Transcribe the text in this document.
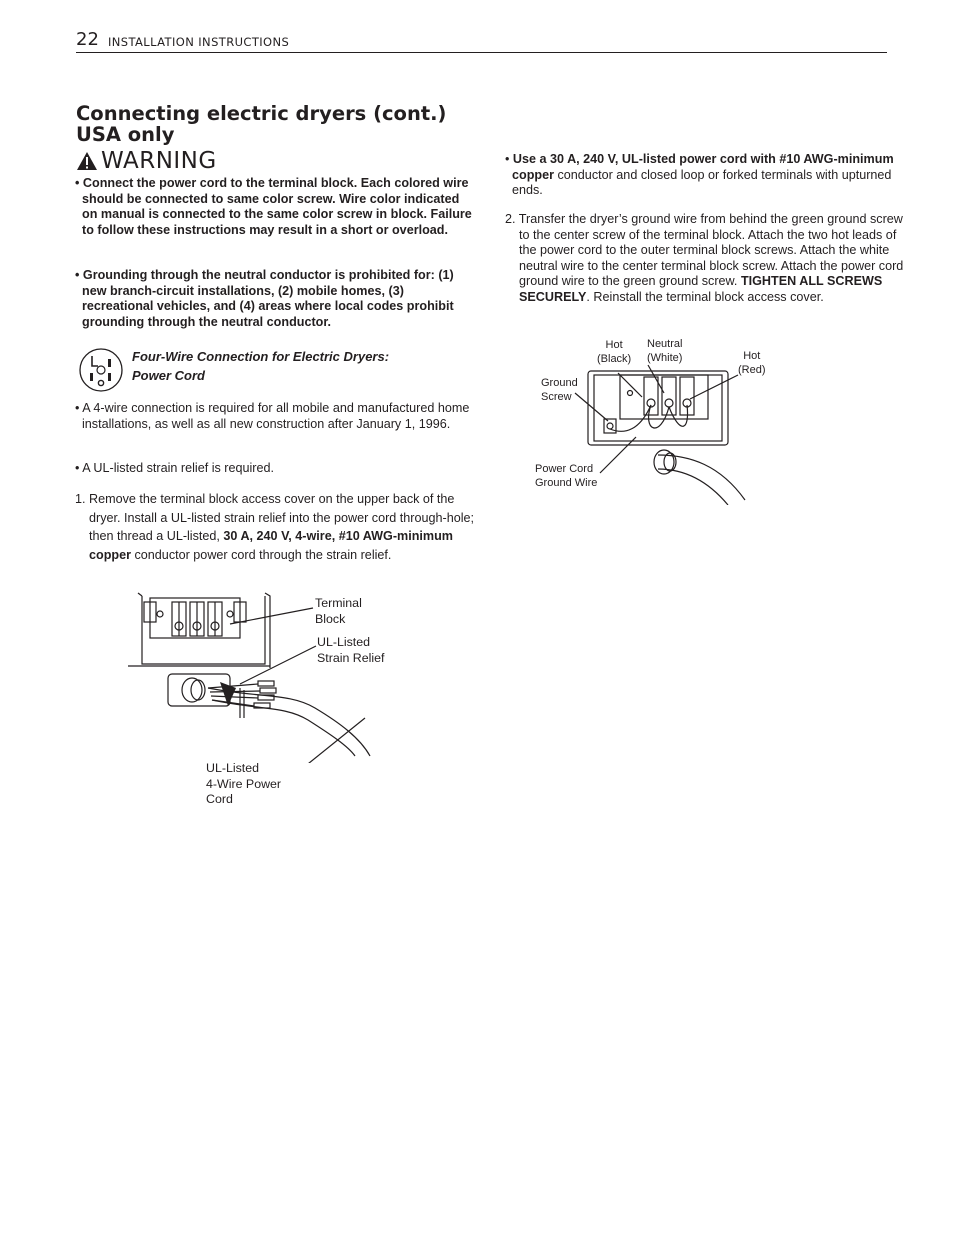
22 INSTALLATION INSTRUCTIONS
Connecting electric dryers (cont.)
USA only
WARNING
• Connect the power cord to the terminal block. Each colored wire should be connected to same color screw. Wire color indicated on manual is connected to the same color screw in block. Failure to follow these instructions may result in a short or overload.
• Grounding through the neutral conductor is prohibited for: (1) new branch-circuit installations, (2) mobile homes, (3) recreational vehicles, and (4) areas where local codes prohibit grounding through the neutral conductor.
Four-Wire Connection for Electric Dryers:
Power Cord
• A 4-wire connection is required for all mobile and manufactured home installations, as well as all new construction after January 1, 1996.
• A UL-listed strain relief is required.
1. Remove the terminal block access cover on the upper back of the dryer. Install a UL-listed strain relief into the power cord through-hole; then thread a UL-listed, 30 A, 240 V, 4-wire, #10 AWG-minimum copper conductor power cord through the strain relief.
• Use a 30 A, 240 V, UL-listed power cord with #10 AWG-minimum copper conductor and closed loop or forked terminals with upturned ends.
2. Transfer the dryer’s ground wire from behind the green ground screw to the center screw of the terminal block. Attach the two hot leads of the power cord to the outer terminal block screws. Attach the white neutral wire to the center terminal block screw. Attach the power cord ground wire to the green ground screw. TIGHTEN ALL SCREWS SECURELY. Reinstall the terminal block access cover.
Terminal
Block
UL-Listed
Strain Relief
UL-Listed
4-Wire Power
Cord
Hot
(Black)
Neutral
(White)	Hot
(Red)
Ground
Screw
Power Cord
Ground Wire
